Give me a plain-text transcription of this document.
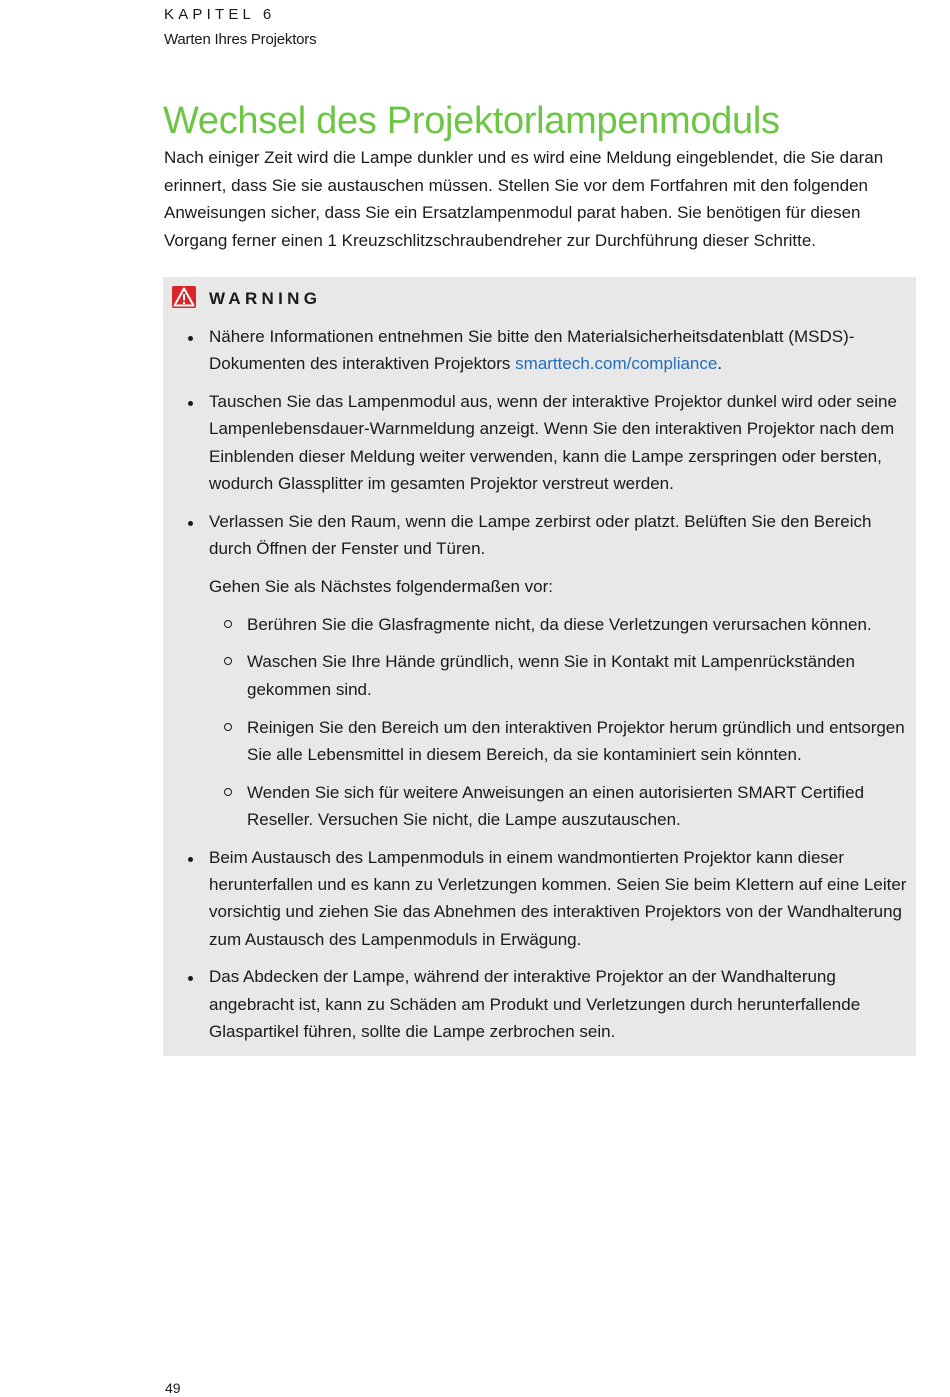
KAPITEL 6
Warten Ihres Projektors
Wechsel des Projektorlampenmoduls

Nach einiger Zeit wird die Lampe dunkler und es wird eine Meldung eingeblendet, die Sie daran erinnert, dass Sie sie austauschen müssen. Stellen Sie vor dem Fortfahren mit den folgenden Anweisungen sicher, dass Sie ein Ersatzlampenmodul parat haben. Sie benötigen für diesen Vorgang ferner einen 1 Kreuzschlitzschraubendreher zur Durchführung dieser Schritte.

WARNING
Nähere Informationen entnehmen Sie bitte den Materialsicherheitsdatenblatt (MSDS)-Dokumenten des interaktiven Projektors smarttech.com/compliance.
Tauschen Sie das Lampenmodul aus, wenn der interaktive Projektor dunkel wird oder seine Lampenlebensdauer-Warnmeldung anzeigt. Wenn Sie den interaktiven Projektor nach dem Einblenden dieser Meldung weiter verwenden, kann die Lampe zerspringen oder bersten, wodurch Glassplitter im gesamten Projektor verstreut werden.
Verlassen Sie den Raum, wenn die Lampe zerbirst oder platzt. Belüften Sie den Bereich durch Öffnen der Fenster und Türen.

Gehen Sie als Nächstes folgendermaßen vor:

Berühren Sie die Glasfragmente nicht, da diese Verletzungen verursachen können.
Waschen Sie Ihre Hände gründlich, wenn Sie in Kontakt mit Lampenrückständen gekommen sind.
Reinigen Sie den Bereich um den interaktiven Projektor herum gründlich und entsorgen Sie alle Lebensmittel in diesem Bereich, da sie kontaminiert sein könnten.
Wenden Sie sich für weitere Anweisungen an einen autorisierten SMART Certified Reseller. Versuchen Sie nicht, die Lampe auszutauschen.
Beim Austausch des Lampenmoduls in einem wandmontierten Projektor kann dieser herunterfallen und es kann zu Verletzungen kommen. Seien Sie beim Klettern auf eine Leiter vorsichtig und ziehen Sie das Abnehmen des interaktiven Projektors von der Wandhalterung zum Austausch des Lampenmoduls in Erwägung.
Das Abdecken der Lampe, während der interaktive Projektor an der Wandhalterung angebracht ist, kann zu Schäden am Produkt und Verletzungen durch herunterfallende Glaspartikel führen, sollte die Lampe zerbrochen sein.
49
